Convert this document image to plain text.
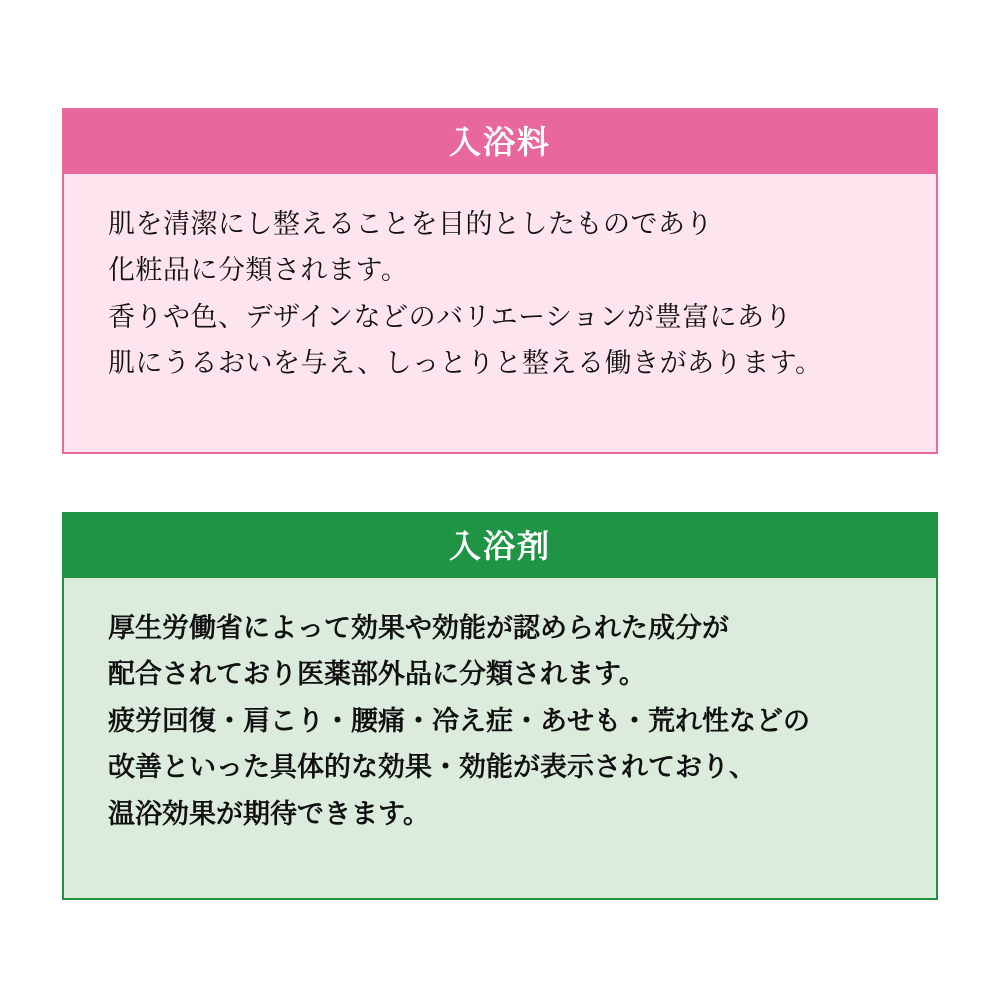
入浴料
肌を清潔にし整えることを目的としたものであり
化粧品に分類されます。
香りや色、デザインなどのバリエーションが豊富にあり
肌にうるおいを与え、しっとりと整える働きがあります。
入浴剤
厚生労働省によって効果や効能が認められた成分が
配合されており医薬部外品に分類されます。
疲労回復・肩こり・腰痛・冷え症・あせも・荒れ性などの
改善といった具体的な効果・効能が表示されており、
温浴効果が期待できます。
